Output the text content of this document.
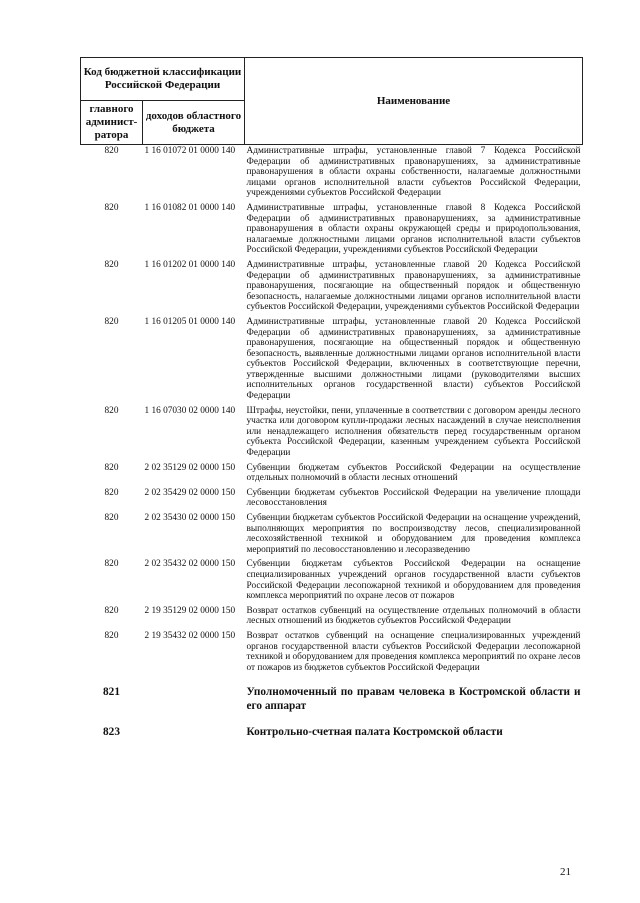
Код бюджетной классификации Российской Федерации		Наименование
главного админист-ратора	доходов областного бюджета	
820	1 16 01072 01 0000 140	Административные штрафы, установленные главой 7 Кодекса Российской Федерации об административных правонарушениях, за административные правонарушения в области охраны собственности, налагаемые должностными лицами органов исполнительной власти субъектов Российской Федерации, учреждениями субъектов Российской Федерации
820	1 16 01082 01 0000 140	Административные штрафы, установленные главой 8 Кодекса Российской Федерации об административных правонарушениях, за административные правонарушения в области охраны окружающей среды и природопользования, налагаемые должностными лицами органов исполнительной власти субъектов Российской Федерации, учреждениями субъектов Российской Федерации
820	1 16 01202 01 0000 140	Административные штрафы, установленные главой 20 Кодекса Российской Федерации об административных правонарушениях, за административные правонарушения, посягающие на общественный порядок и общественную безопасность, налагаемые должностными лицами органов исполнительной власти субъектов Российской Федерации, учреждениями субъектов Российской Федерации
820	1 16 01205 01 0000 140	Административные штрафы, установленные главой 20 Кодекса Российской Федерации об административных правонарушениях, за административные правонарушения, посягающие на общественный порядок и общественную безопасность, выявленные должностными лицами органов исполнительной власти субъектов Российской Федерации, включенных в соответствующие перечни, утвержденные высшими должностными лицами (руководителями высших исполнительных органов государственной власти) субъектов Российской Федерации
820	1 16 07030 02 0000 140	Штрафы, неустойки, пени, уплаченные в соответствии с договором аренды лесного участка или договором купли-продажи лесных насаждений в случае неисполнения или ненадлежащего исполнения обязательств перед государственным органом субъекта Российской Федерации, казенным учреждением субъекта Российской Федерации
820	2 02 35129 02 0000 150	Субвенции бюджетам субъектов Российской Федерации на осуществление отдельных полномочий в области лесных отношений
820	2 02 35429 02 0000 150	Субвенции бюджетам субъектов Российской Федерации на увеличение площади лесовосстановления
820	2 02 35430 02 0000 150	Субвенции бюджетам субъектов Российской Федерации на оснащение учреждений, выполняющих мероприятия по воспроизводству лесов, специализированной лесохозяйственной техникой и оборудованием для проведения комплекса мероприятий по лесовосстановлению и лесоразведению
820	2 02 35432 02 0000 150	Субвенции бюджетам субъектов Российской Федерации на оснащение специализированных учреждений органов государственной власти субъектов Российской Федерации лесопожарной техникой и оборудованием для проведения комплекса мероприятий по охране лесов от пожаров
820	2 19 35129 02 0000 150	Возврат остатков субвенций на осуществление отдельных полномочий в области лесных отношений из бюджетов субъектов Российской Федерации
820	2 19 35432 02 0000 150	Возврат остатков субвенций на оснащение специализированных учреждений органов государственной власти субъектов Российской Федерации лесопожарной техникой и оборудованием для проведения комплекса мероприятий по охране лесов от пожаров из бюджетов субъектов Российской Федерации
821		Уполномоченный по правам человека в Костромской области и его аппарат
823		Контрольно-счетная палата Костромской области
21
